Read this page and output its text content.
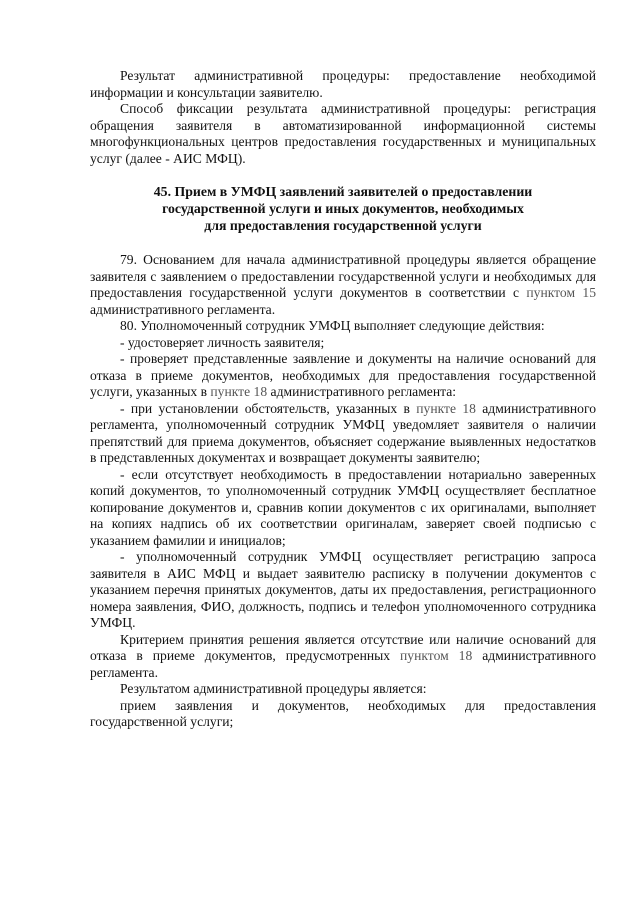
Результат административной процедуры: предоставление необходимой информации и консультации заявителю.

Способ фиксации результата административной процедуры: регистрация обращения заявителя в автоматизированной информационной системы многофункциональных центров предоставления государственных и муниципальных услуг (далее - АИС МФЦ).

45. Прием в УМФЦ заявлений заявителей о предоставлении
государственной услуги и иных документов, необходимых
для предоставления государственной услуги

79. Основанием для начала административной процедуры является обращение заявителя с заявлением о предоставлении государственной услуги и необходимых для предоставления государственной услуги документов в соответствии с пунктом 15 административного регламента.

80. Уполномоченный сотрудник УМФЦ выполняет следующие действия:

- удостоверяет личность заявителя;

- проверяет представленные заявление и документы на наличие оснований для отказа в приеме документов, необходимых для предоставления государственной услуги, указанных в пункте 18 административного регламента:

- при установлении обстоятельств, указанных в пункте 18 административного регламента, уполномоченный сотрудник УМФЦ уведомляет заявителя о наличии препятствий для приема документов, объясняет содержание выявленных недостатков в представленных документах и возвращает документы заявителю;

- если отсутствует необходимость в предоставлении нотариально заверенных копий документов, то уполномоченный сотрудник УМФЦ осуществляет бесплатное копирование документов и, сравнив копии документов с их оригиналами, выполняет на копиях надпись об их соответствии оригиналам, заверяет своей подписью с указанием фамилии и инициалов;

- уполномоченный сотрудник УМФЦ осуществляет регистрацию запроса заявителя в АИС МФЦ и выдает заявителю расписку в получении документов с указанием перечня принятых документов, даты их предоставления, регистрационного номера заявления, ФИО, должность, подпись и телефон уполномоченного сотрудника УМФЦ.

Критерием принятия решения является отсутствие или наличие оснований для отказа в приеме документов, предусмотренных пунктом 18 административного регламента.

Результатом административной процедуры является:

прием заявления и документов, необходимых для предоставления государственной услуги;
